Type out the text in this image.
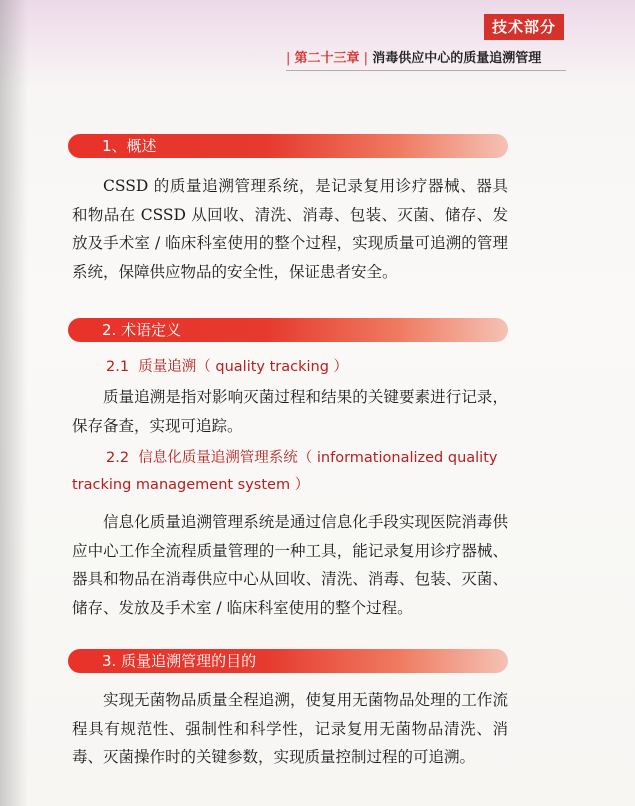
技术部分
| 第二十三章 | 消毒供应中心的质量追溯管理
1、概述

CSSD 的质量追溯管理系统，是记录复用诊疗器械、器具和物品在 CSSD 从回收、清洗、消毒、包装、灭菌、储存、发放及手术室 / 临床科室使用的整个过程，实现质量可追溯的管理系统，保障供应物品的安全性，保证患者安全。

2. 术语定义

2.1 质量追溯（ quality tracking ）

质量追溯是指对影响灭菌过程和结果的关键要素进行记录，保存备查，实现可追踪。

2.2 信息化质量追溯管理系统（ informationalized quality tracking management system ）

信息化质量追溯管理系统是通过信息化手段实现医院消毒供应中心工作全流程质量管理的一种工具，能记录复用诊疗器械、器具和物品在消毒供应中心从回收、清洗、消毒、包装、灭菌、储存、发放及手术室 / 临床科室使用的整个过程。

3. 质量追溯管理的目的

实现无菌物品质量全程追溯，使复用无菌物品处理的工作流程具有规范性、强制性和科学性，记录复用无菌物品清洗、消毒、灭菌操作时的关键参数，实现质量控制过程的可追溯。
